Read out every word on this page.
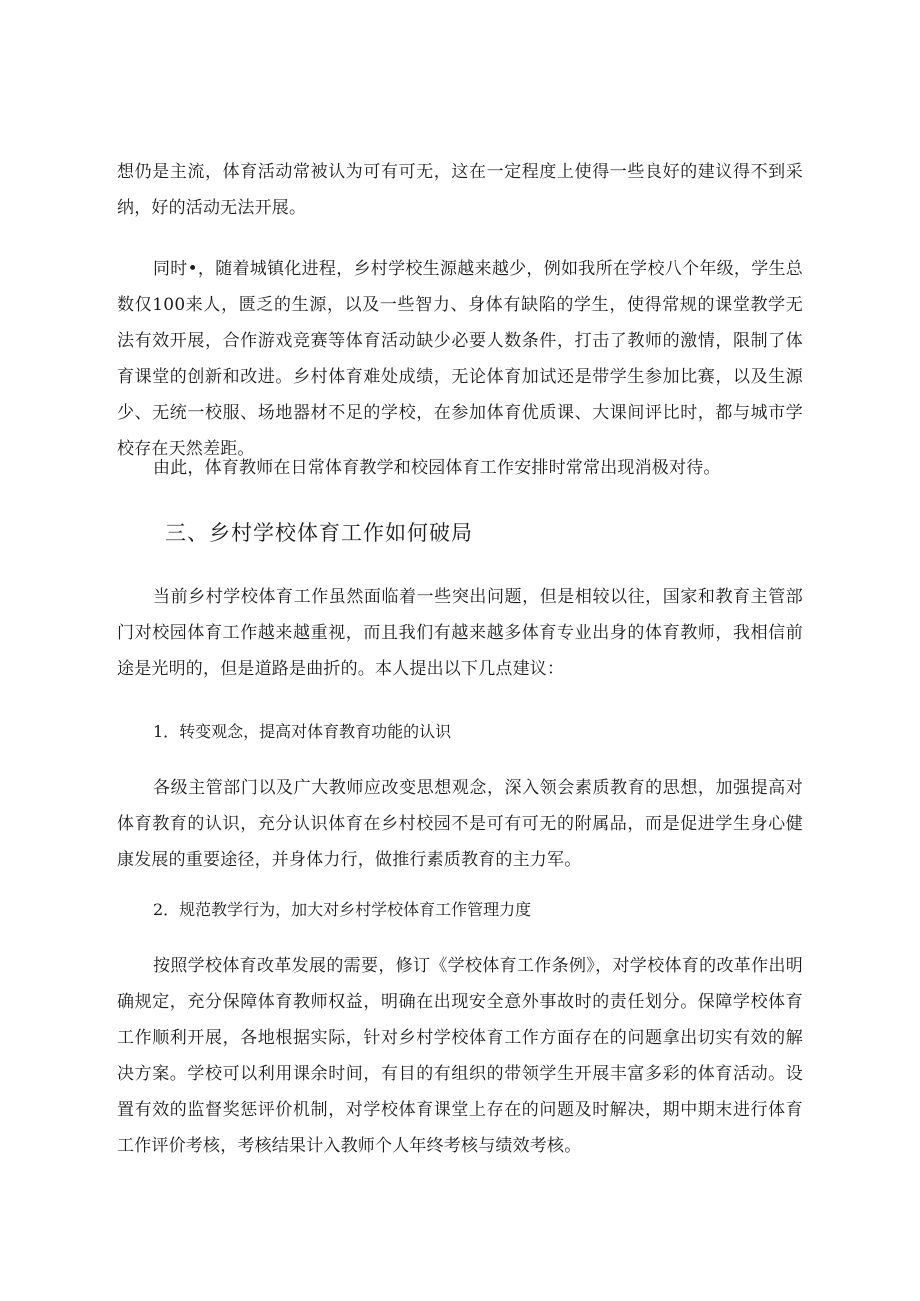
想仍是主流，体育活动常被认为可有可无，这在一定程度上使得一些良好的建议得不到采纳，好的活动无法开展。

同时•，随着城镇化进程，乡村学校生源越来越少，例如我所在学校八个年级，学生总数仅100来人，匮乏的生源，以及一些智力、身体有缺陷的学生，使得常规的课堂教学无法有效开展，合作游戏竞赛等体育活动缺少必要人数条件，打击了教师的激情，限制了体育课堂的创新和改进。乡村体育难处成绩，无论体育加试还是带学生参加比赛，以及生源少、无统一校服、场地器材不足的学校，在参加体育优质课、大课间评比时，都与城市学校存在天然差距。

由此，体育教师在日常体育教学和校园体育工作安排时常常出现消极对待。

三、乡村学校体育工作如何破局

当前乡村学校体育工作虽然面临着一些突出问题，但是相较以往，国家和教育主管部门对校园体育工作越来越重视，而且我们有越来越多体育专业出身的体育教师，我相信前途是光明的，但是道路是曲折的。本人提出以下几点建议：

1．转变观念，提高对体育教育功能的认识

各级主管部门以及广大教师应改变思想观念，深入领会素质教育的思想，加强提高对体育教育的认识，充分认识体育在乡村校园不是可有可无的附属品，而是促进学生身心健康发展的重要途径，并身体力行，做推行素质教育的主力军。

2．规范教学行为，加大对乡村学校体育工作管理力度

按照学校体育改革发展的需要，修订《学校体育工作条例》，对学校体育的改革作出明确规定，充分保障体育教师权益，明确在出现安全意外事故时的责任划分。保障学校体育工作顺利开展，各地根据实际，针对乡村学校体育工作方面存在的问题拿出切实有效的解决方案。学校可以利用课余时间，有目的有组织的带领学生开展丰富多彩的体育活动。设置有效的监督奖惩评价机制，对学校体育课堂上存在的问题及时解决，期中期末进行体育工作评价考核，考核结果计入教师个人年终考核与绩效考核。
